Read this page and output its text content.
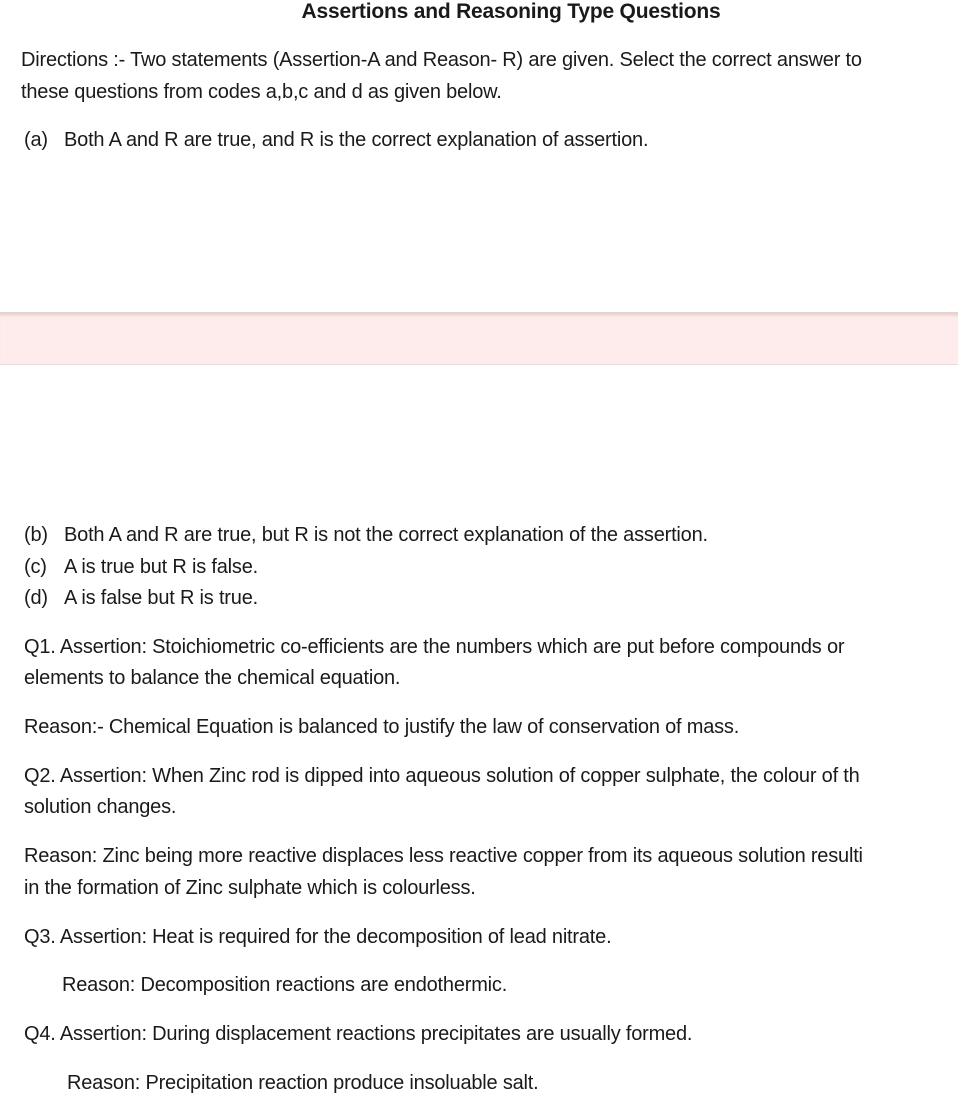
Assertions and Reasoning Type Questions
Directions :- Two statements (Assertion-A and Reason- R) are given. Select the correct answer to
these questions from codes a,b,c and d as given below.
(a) Both A and R are true, and R is the correct explanation of assertion.
(b) Both A and R are true, but R is not the correct explanation of the assertion.
(c) A is true but R is false.
(d) A is false but R is true.
Q1. Assertion: Stoichiometric co-efficients are the numbers which are put before compounds or
elements to balance the chemical equation.
Reason:- Chemical Equation is balanced to justify the law of conservation of mass.
Q2. Assertion: When Zinc rod is dipped into aqueous solution of copper sulphate, the colour of th
solution changes.
Reason: Zinc being more reactive displaces less reactive copper from its aqueous solution resulti
in the formation of Zinc sulphate which is colourless.
Q3. Assertion: Heat is required for the decomposition of lead nitrate.
Reason: Decomposition reactions are endothermic.
Q4. Assertion: During displacement reactions precipitates are usually formed.
Reason: Precipitation reaction produce insoluable salt.
